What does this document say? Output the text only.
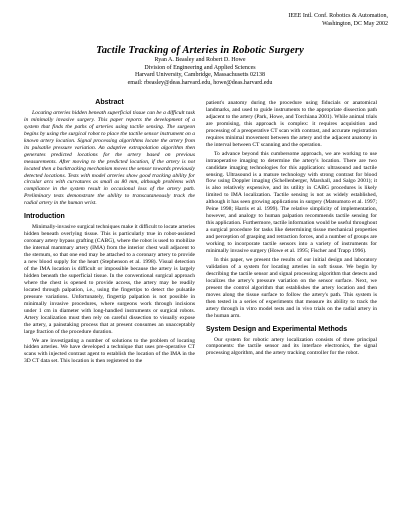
IEEE Intl. Conf. Robotics & Automation,
Washington, DC May 2002
Tactile Tracking of Arteries in Robotic Surgery
Ryan A. Beasley and Robert D. Howe
Division of Engineering and Applied Sciences
Harvard University, Cambridge, Massachusetts 02138
email: rbeasley@deas.harvard.edu, howe@deas.harvard.edu
Abstract

Locating arteries hidden beneath superficial tissue can be a difficult task in minimally invasive surgery. This paper reports the development of a system that finds the paths of arteries using tactile sensing. The surgeon begins by using the surgical robot to place the tactile sensor instrument on a known artery location. Signal processing algorithms locate the artery from its pulsatile pressure variation. An adaptive extrapolation algorithm then generates predicted locations for the artery based on previous measurements. After moving to the predicted location, if the artery is not located then a backtracking mechanism moves the sensor towards previously detected locations. Tests with model arteries show good tracking ability for circular arcs with curvatures as small as 80 mm, although problems with compliance in the system result in occasional loss of the artery path. Preliminary tests demonstrate the ability to transcutaneously track the radial artery in the human wrist.

Introduction

Minimally-invasive surgical techniques make it difficult to locate arteries hidden beneath overlying tissue. This is particularly true in robot-assisted coronary artery bypass grafting (CABG), where the robot is used to mobilize the internal mammary artery (IMA) from the interior chest wall adjacent to the sternum, so that one end may be attached to a coronary artery to provide a new blood supply for the heart (Stephenson et al. 1998). Visual detection of the IMA location is difficult or impossible because the artery is largely hidden beneath the superficial tissue. In the conventional surgical approach where the chest is opened to provide access, the artery may be readily located through palpation, i.e., using the fingertips to detect the pulsatile pressure variations. Unfortunately, fingertip palpation is not possible in minimally invasive procedures, where surgeons work through incisions under 1 cm in diameter with long-handled instruments or surgical robots. Artery localization must then rely on careful dissection to visually expose the artery, a painstaking process that at present consumes an unacceptably large fraction of the procedure duration.

We are investigating a number of solutions to the problem of locating hidden arteries. We have developed a technique that uses pre-operative CT scans with injected contrast agent to establish the location of the IMA in the 3D CT data set. This location is then registered to the

patient's anatomy during the procedure using fiducials or anatomical landmarks, and used to guide instruments to the appropriate dissection path adjacent to the artery (Park, Howe, and Torchiana 2001). While animal trials are promising, this approach is complex: it requires acquisition and processing of a preoperative CT scan with contrast, and accurate registration requires minimal movement between the artery and the adjacent anatomy in the interval between CT scanning and the operation.

To advance beyond this cumbersome approach, we are working to use intraoperative imaging to determine the artery's location. There are two candidate imaging technologies for this application: ultrasound and tactile sensing. Ultrasound is a mature technology with strong contrast for blood flow using Doppler imaging (Schellenberger, Marshall, and Salgo 2001); it is also relatively expensive, and its utility in CABG procedures is likely limited to IMA localization. Tactile sensing is not as widely established, although it has seen growing applications in surgery (Matsumoto et al. 1997; Peine 1998; Harris et al. 1999). The relative simplicity of implementation, however, and analogy to human palpation recommends tactile sensing for this application. Furthermore, tactile information would be useful throughout a surgical procedure for tasks like determining tissue mechanical properties and perception of grasping and retraction forces, and a number of groups are working to incorporate tactile sensors into a variety of instruments for minimally invasive surgery (Howe et al. 1995; Fischer and Trapp 1996).

In this paper, we present the results of our initial design and laboratory validation of a system for locating arteries in soft tissue. We begin by describing the tactile sensor and signal processing algorithm that detects and localizes the artery's pressure variation on the sensor surface. Next, we present the control algorithm that establishes the artery location and then moves along the tissue surface to follow the artery's path. This system is then tested in a series of experiments that measure its ability to track the artery through in vitro model tests and in vivo trials on the radial artery in the human arm.

System Design and Experimental Methods

Our system for robotic artery localization consists of three principal components: the tactile sensor and its interface electronics, the signal processing algorithm, and the artery tracking controller for the robot.
